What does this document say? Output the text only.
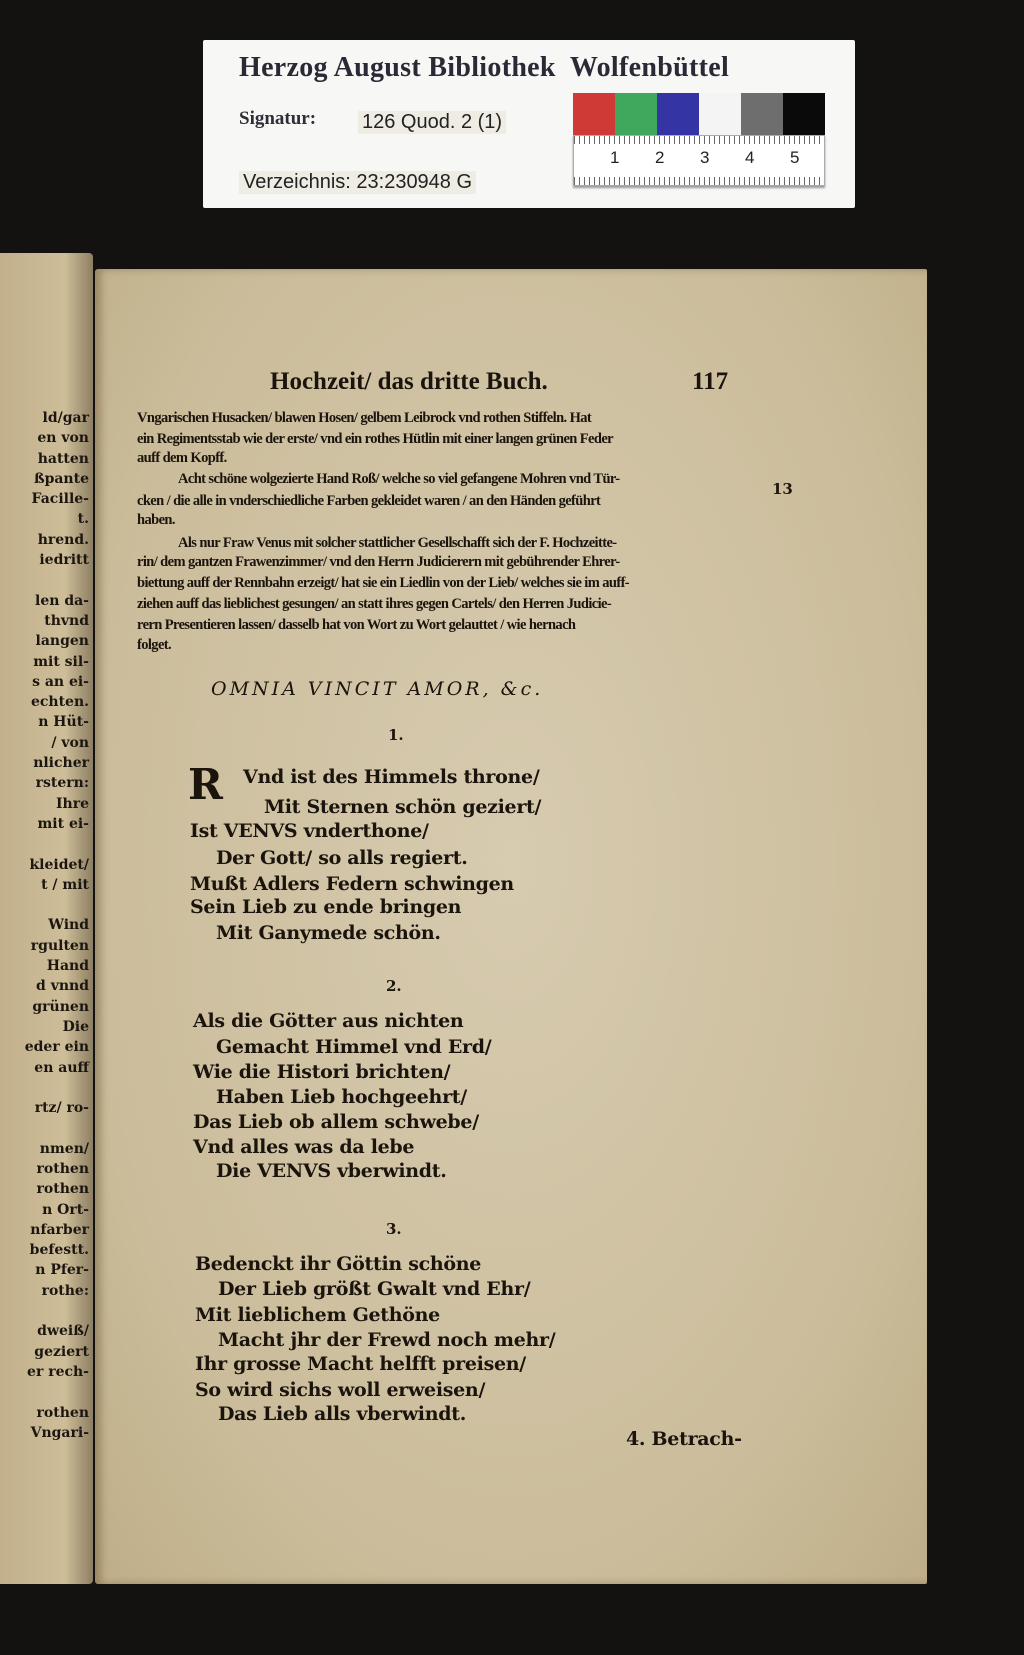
Herzog August Bibliothek  Wolfenbüttel
Signatur: 126 Quod. 2 (1)
Verzeichnis: 23:230948 G
1 2 3 4 5
ld/gar
en von
hatten
ßpante
Facille-
t.
hrend.
iedritt

len da-
thvnd
langen
mit sil-
s an ei-
echten.
n Hüt-
/ von
nlicher
rstern:
Ihre
mit ei-

kleidet/
t / mit

Wind
rgulten
Hand
d vnnd
grünen
Die
eder ein
en auff

rtz/ ro-

nmen/
rothen
rothen
n Ort-
nfarber
befestt.
n Pfer-
rothe:

dweiß/
geziert
er rech-

rothen
Vngari-
Hochzeit/ das dritte Buch.	117
13
Vngarischen Husacken/ blawen Hosen/ gelbem Leibrock vnd rothen Stiffeln. Hat
ein Regimentsstab wie der erste/ vnd ein rothes Hütlin mit einer langen grünen Feder
auff dem Kopff.
Acht schöne wolgezierte Hand Roß/ welche so viel gefangene Mohren vnd Tür-
cken / die alle in vnderschiedliche Farben gekleidet waren / an den Händen geführt
haben.
Als nur Fraw Venus mit solcher stattlicher Gesellschafft sich der F. Hochzeitte-
rin/ dem gantzen Frawenzimmer/ vnd den Herrn Judicierern mit gebührender Ehrer-
biettung auff der Rennbahn erzeigt/ hat sie ein Liedlin von der Lieb/ welches sie im auff-
ziehen auff das lieblichest gesungen/ an statt ihres gegen Cartels/ den Herren Judicie-
rern Presentieren lassen/ dasselb hat von Wort zu Wort gelauttet / wie hernach
folget.
OMNIA VINCIT AMOR, &c.
1.
2.
3.
R Vnd ist des Himmels throne/
Mit Sternen schön geziert/
Ist VENVS vnderthone/
Der Gott/ so alls regiert.
Mußt Adlers Federn schwingen
Sein Lieb zu ende bringen
Mit Ganymede schön.
Als die Götter aus nichten
Gemacht Himmel vnd Erd/
Wie die Histori brichten/
Haben Lieb hochgeehrt/
Das Lieb ob allem schwebe/
Vnd alles was da lebe
Die VENVS vberwindt.
Bedenckt ihr Göttin schöne
Der Lieb größt Gwalt vnd Ehr/
Mit lieblichem Gethöne
Macht jhr der Frewd noch mehr/
Ihr grosse Macht helfft preisen/
So wird sichs woll erweisen/
Das Lieb alls vberwindt.
4. Betrach-
